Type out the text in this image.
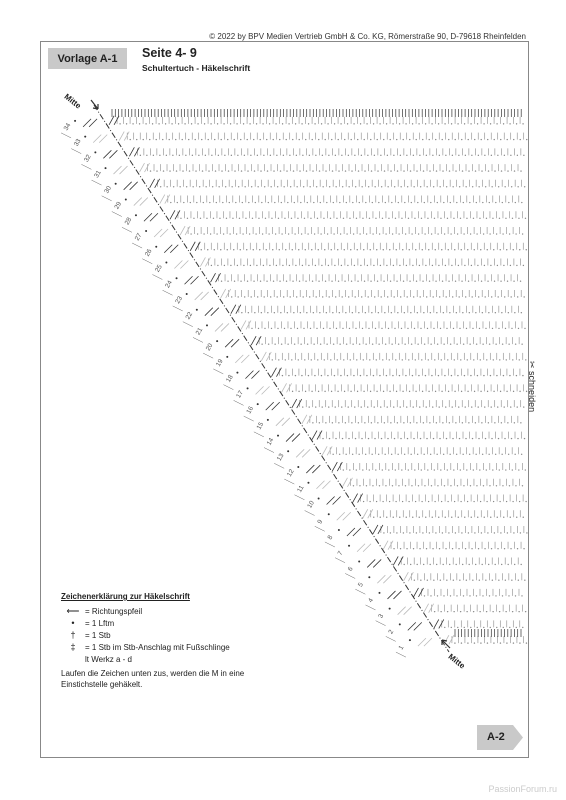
© 2022 by BPV Medien Vertrieb GmbH & Co. KG, Römerstraße 90, D-79618 Rheinfelden
Vorlage A-1	Seite 4- 9
Schultertuch - Häkelschrift
34
33
32
31
30
29
28
27
26
25
24
23
22
21
20
19
18
17
16
15
14
13
12
11
10
9
8
7
6
5
4
3
2
1
Mitte
Mitte
✂ schneiden
Zeichenerklärung zur Häkelschrift
⟵ = Richtungspfeil
•	= 1 Lftm
†	= 1 Stb
‡	= 1 Stb im Stb-Anschlag mit Fußschlinge
lt Werkz a - d
Laufen die Zeichen unten zus, werden die M in eine Einstichstelle gehäkelt.
A-2
PassionForum.ru
